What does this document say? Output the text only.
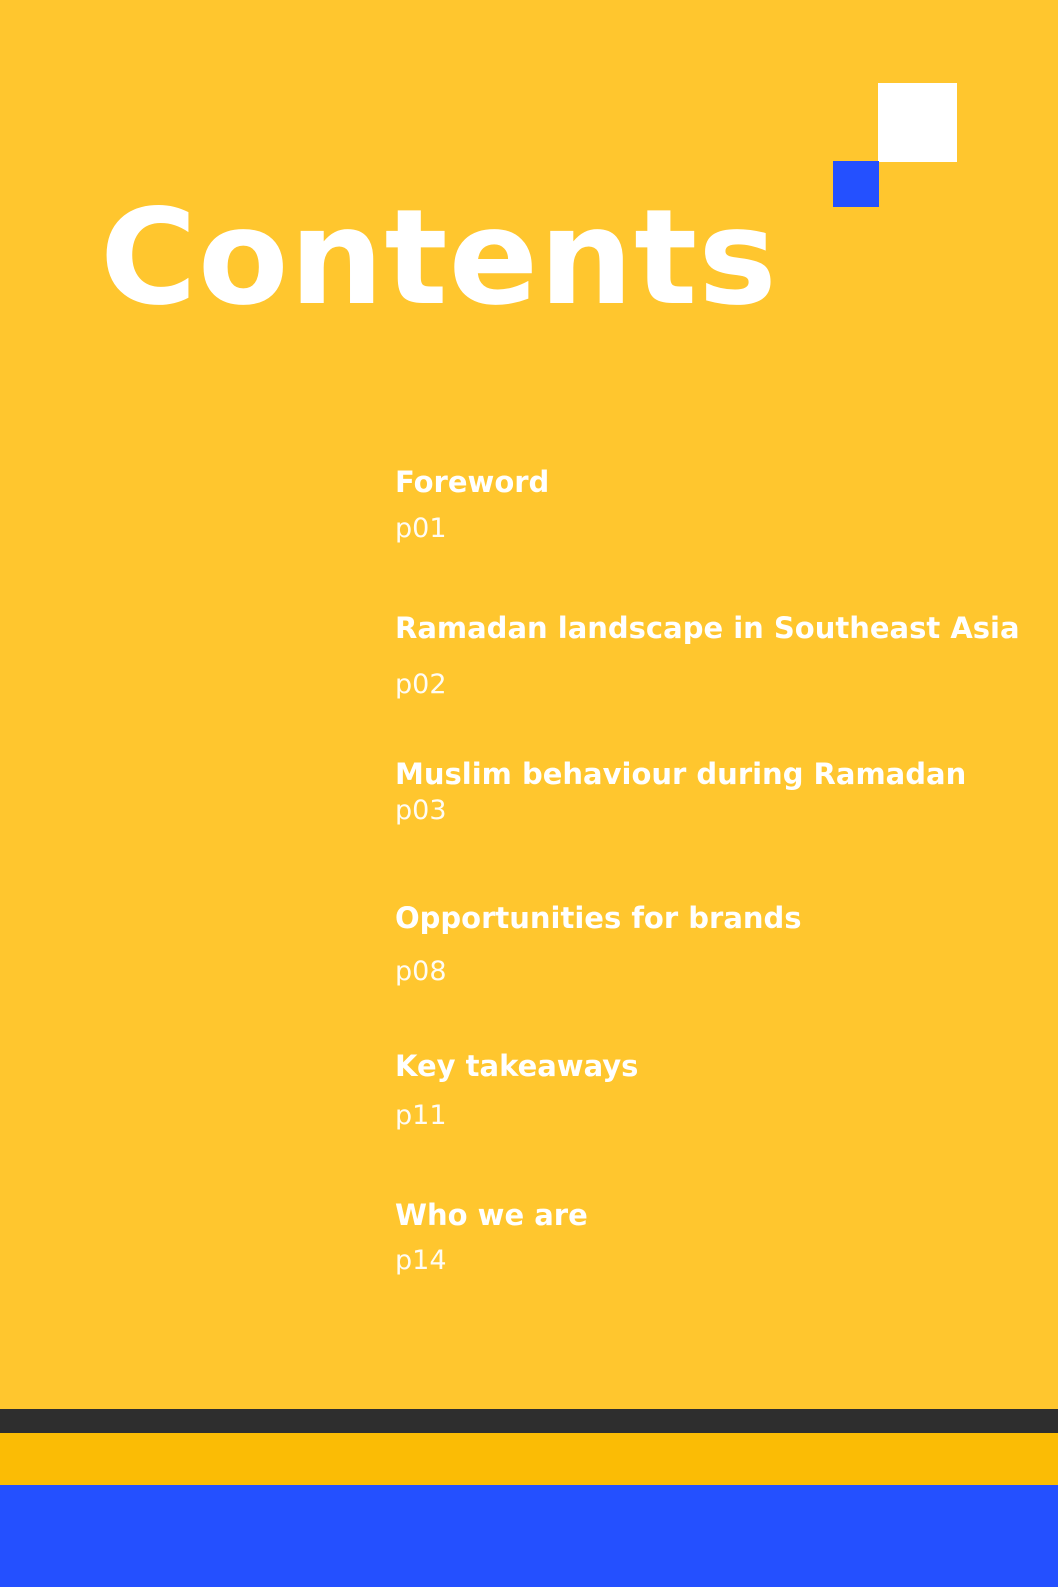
Contents
Foreword
p01
Ramadan landscape in Southeast Asia
p02
Muslim behaviour during Ramadan
p03
Opportunities for brands
p08
Key takeaways
p11
Who we are
p14
